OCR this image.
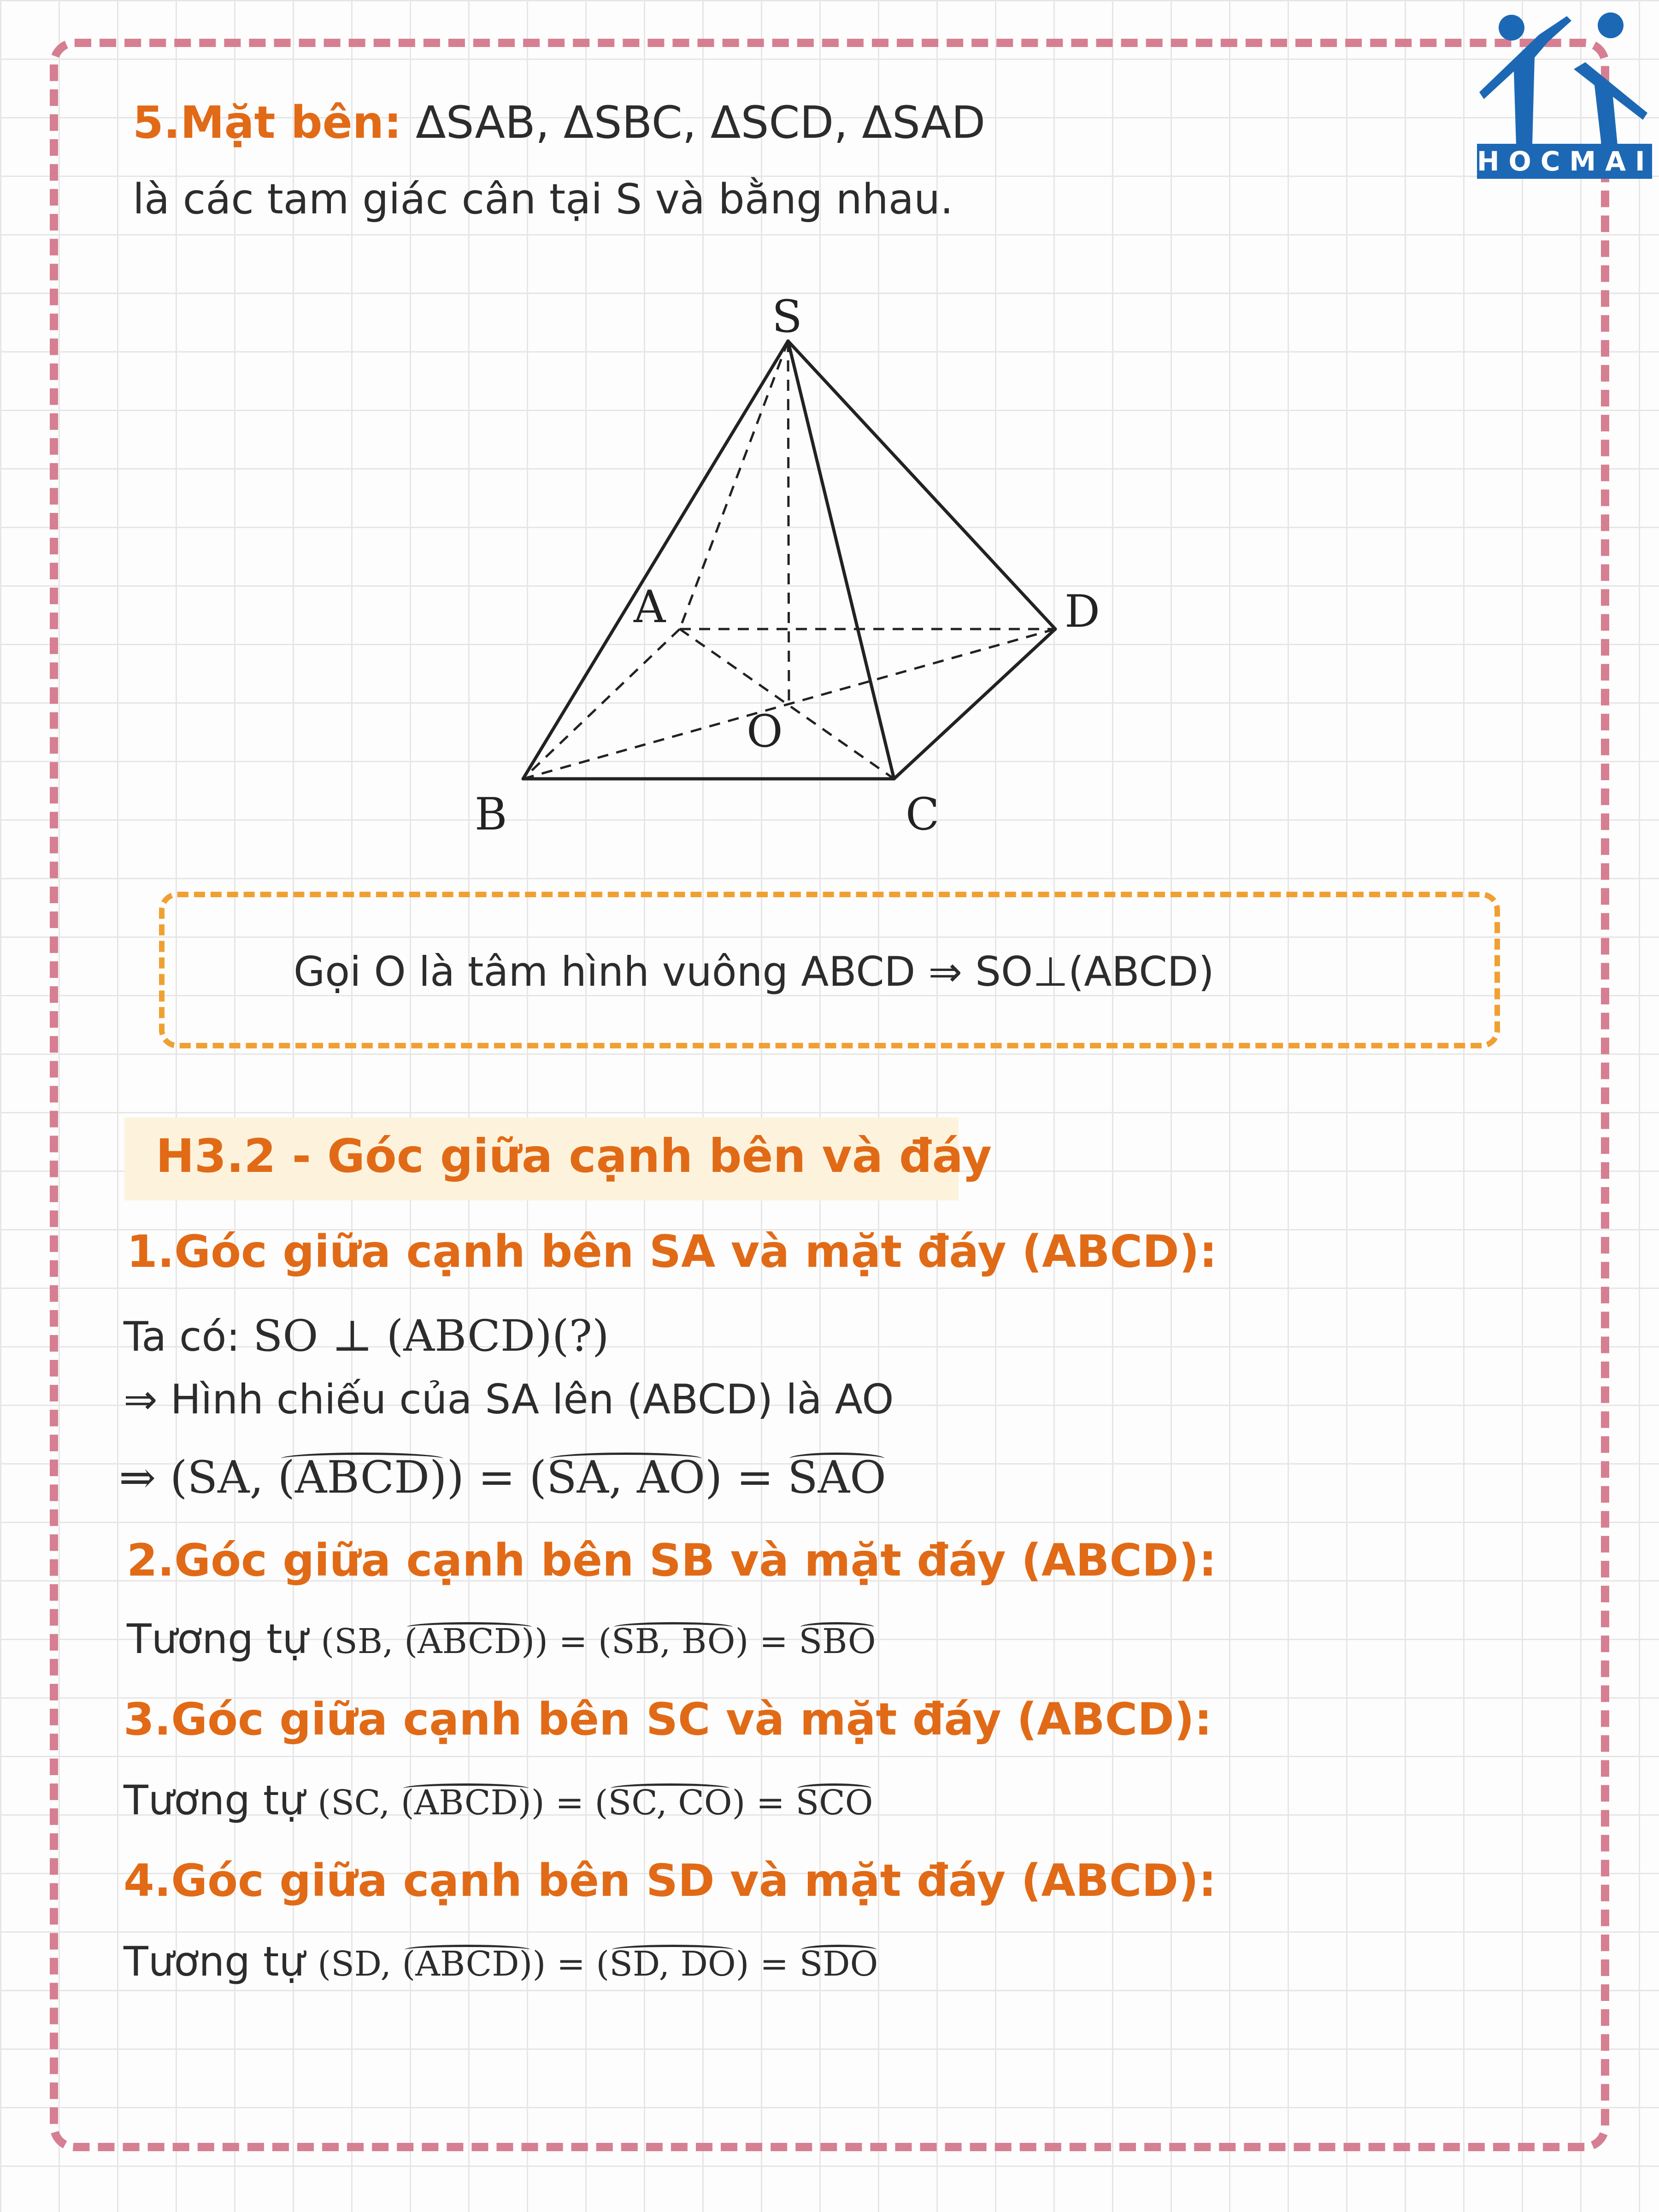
HOCMAI
5.Mặt bên: ΔSAB, ΔSBC, ΔSCD, ΔSAD
là các tam giác cân tại S và bằng nhau.
S
A	D
O
B	C
Gọi O là tâm hình vuông ABCD ⇒ SO⊥(ABCD)
H3.2 - Góc giữa cạnh bên và đáy
1.Góc giữa cạnh bên SA và mặt đáy (ABCD):
Ta có: SO ⊥ (ABCD)(?)
⇒ Hình chiếu của SA lên (ABCD) là AO
⇒ (SA, (ABCD)) = (SA, AO) = SAO
2.Góc giữa cạnh bên SB và mặt đáy (ABCD):
Tương tự (SB, (ABCD)) = (SB, BO) = SBO
3.Góc giữa cạnh bên SC và mặt đáy (ABCD):
Tương tự (SC, (ABCD)) = (SC, CO) = SCO
4.Góc giữa cạnh bên SD và mặt đáy (ABCD):
Tương tự (SD, (ABCD)) = (SD, DO) = SDO
